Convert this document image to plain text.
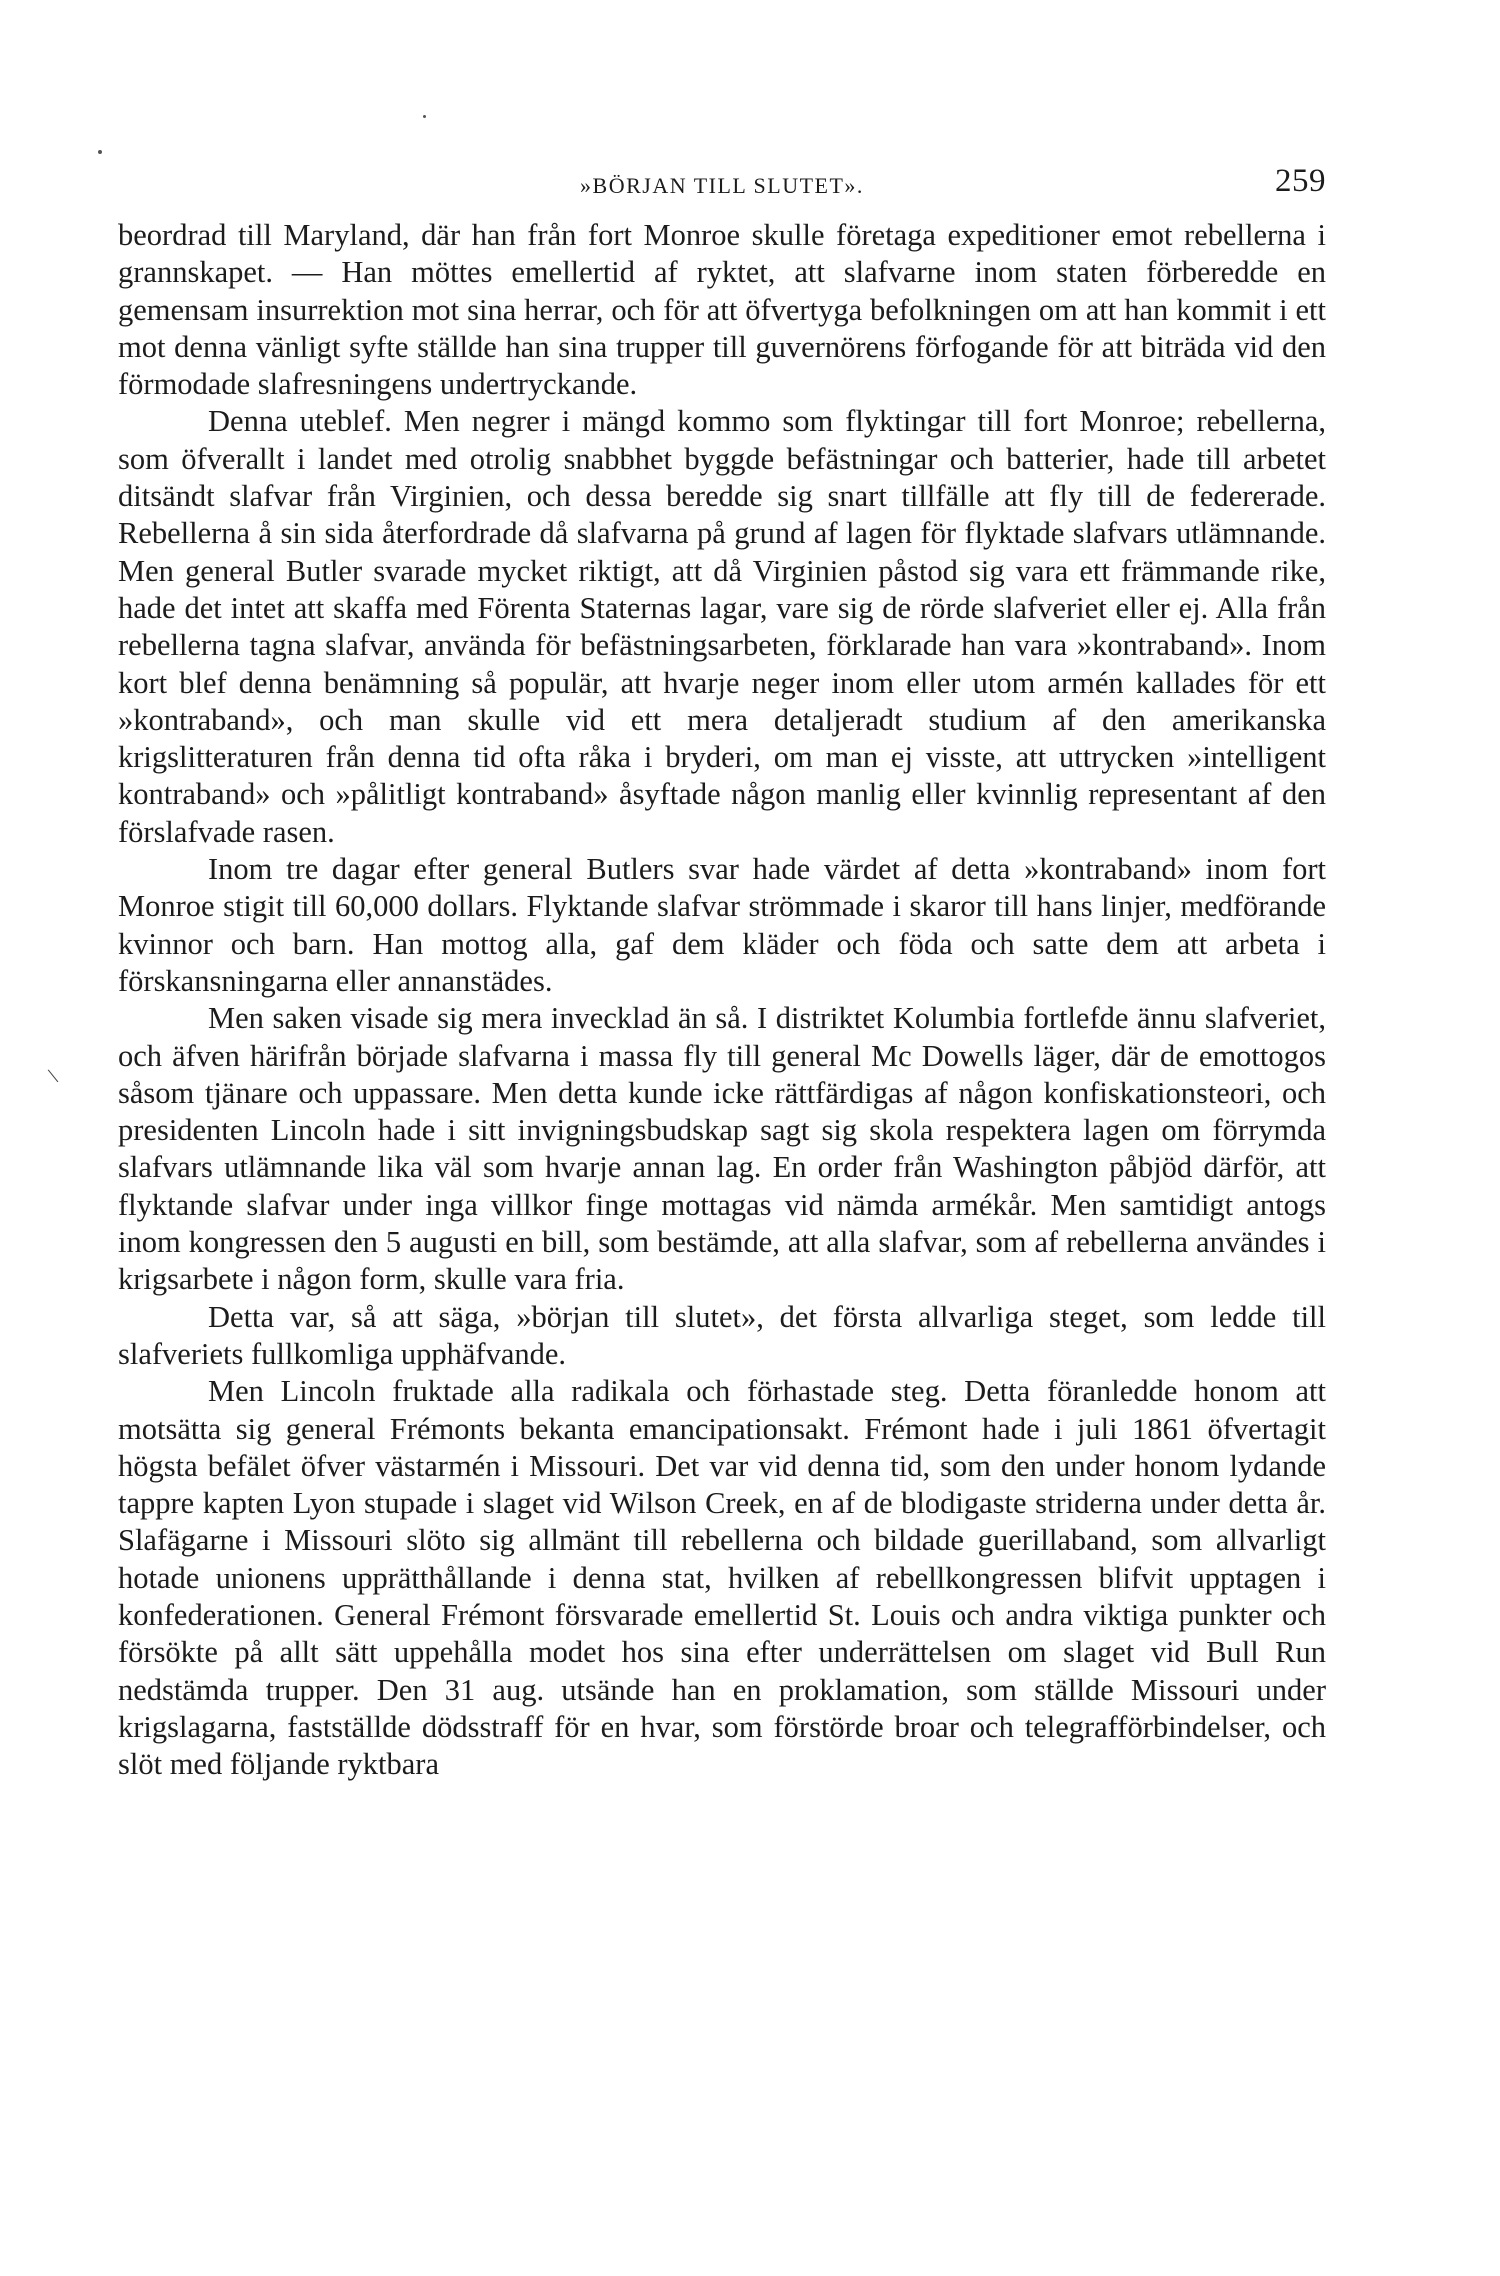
»BÖRJAN TILL SLUTET».	259
\

beordrad till Maryland, där han från fort Monroe skulle företaga expeditioner emot rebellerna i grannskapet. — Han möttes emellertid af ryktet, att slafvarne inom staten förberedde en gemensam insurrektion mot sina herrar, och för att öfvertyga befolkningen om att han kommit i ett mot denna vänligt syfte ställde han sina trupper till guvernörens förfogande för att biträda vid den förmodade slafresningens undertryckande.

Denna uteblef. Men negrer i mängd kommo som flyktingar till fort Monroe; rebellerna, som öfverallt i landet med otrolig snabbhet byggde befästningar och batterier, hade till arbetet ditsändt slafvar från Virginien, och dessa beredde sig snart tillfälle att fly till de federerade. Rebellerna å sin sida återfordrade då slafvarna på grund af lagen för flyktade slafvars utlämnande. Men general Butler svarade mycket riktigt, att då Virginien påstod sig vara ett främmande rike, hade det intet att skaffa med Förenta Staternas lagar, vare sig de rörde slafveriet eller ej. Alla från rebellerna tagna slafvar, använda för befästningsarbeten, förklarade han vara »kontraband». Inom kort blef denna benämning så populär, att hvarje neger inom eller utom armén kallades för ett »kontraband», och man skulle vid ett mera detaljeradt studium af den amerikanska krigslitteraturen från denna tid ofta råka i bryderi, om man ej visste, att uttrycken »intelligent kontraband» och »pålitligt kontraband» åsyftade någon manlig eller kvinnlig representant af den förslafvade rasen.

Inom tre dagar efter general Butlers svar hade värdet af detta »kontraband» inom fort Monroe stigit till 60,000 dollars. Flyktande slafvar strömmade i skaror till hans linjer, medförande kvinnor och barn. Han mottog alla, gaf dem kläder och föda och satte dem att arbeta i förskansningarna eller annanstädes.

Men saken visade sig mera invecklad än så. I distriktet Kolumbia fortlefde ännu slafveriet, och äfven härifrån började slafvarna i massa fly till general Mc Dowells läger, där de emottogos såsom tjänare och uppassare. Men detta kunde icke rättfärdigas af någon konfiskationsteori, och presidenten Lincoln hade i sitt invigningsbudskap sagt sig skola respektera lagen om förrymda slafvars utlämnande lika väl som hvarje annan lag. En order från Washington påbjöd därför, att flyktande slafvar under inga villkor finge mottagas vid nämda armékår. Men samtidigt antogs inom kongressen den 5 augusti en bill, som bestämde, att alla slafvar, som af rebellerna användes i krigsarbete i någon form, skulle vara fria.

Detta var, så att säga, »början till slutet», det första allvarliga steget, som ledde till slafveriets fullkomliga upphäfvande.

Men Lincoln fruktade alla radikala och förhastade steg. Detta föranledde honom att motsätta sig general Frémonts bekanta emancipationsakt. Frémont hade i juli 1861 öfvertagit högsta befälet öfver västarmén i Missouri. Det var vid denna tid, som den under honom lydande tappre kapten Lyon stupade i slaget vid Wilson Creek, en af de blodigaste striderna under detta år. Slafägarne i Missouri slöto sig allmänt till rebellerna och bildade guerillaband, som allvarligt hotade unionens upprätthållande i denna stat, hvilken af rebellkongressen blifvit upptagen i konfederationen. General Frémont försvarade emellertid St. Louis och andra viktiga punkter och försökte på allt sätt uppehålla modet hos sina efter underrättelsen om slaget vid Bull Run nedstämda trupper. Den 31 aug. utsände han en proklamation, som ställde Missouri under krigslagarna, fastställde dödsstraff för en hvar, som förstörde broar och telegrafförbindelser, och slöt med följande ryktbara
